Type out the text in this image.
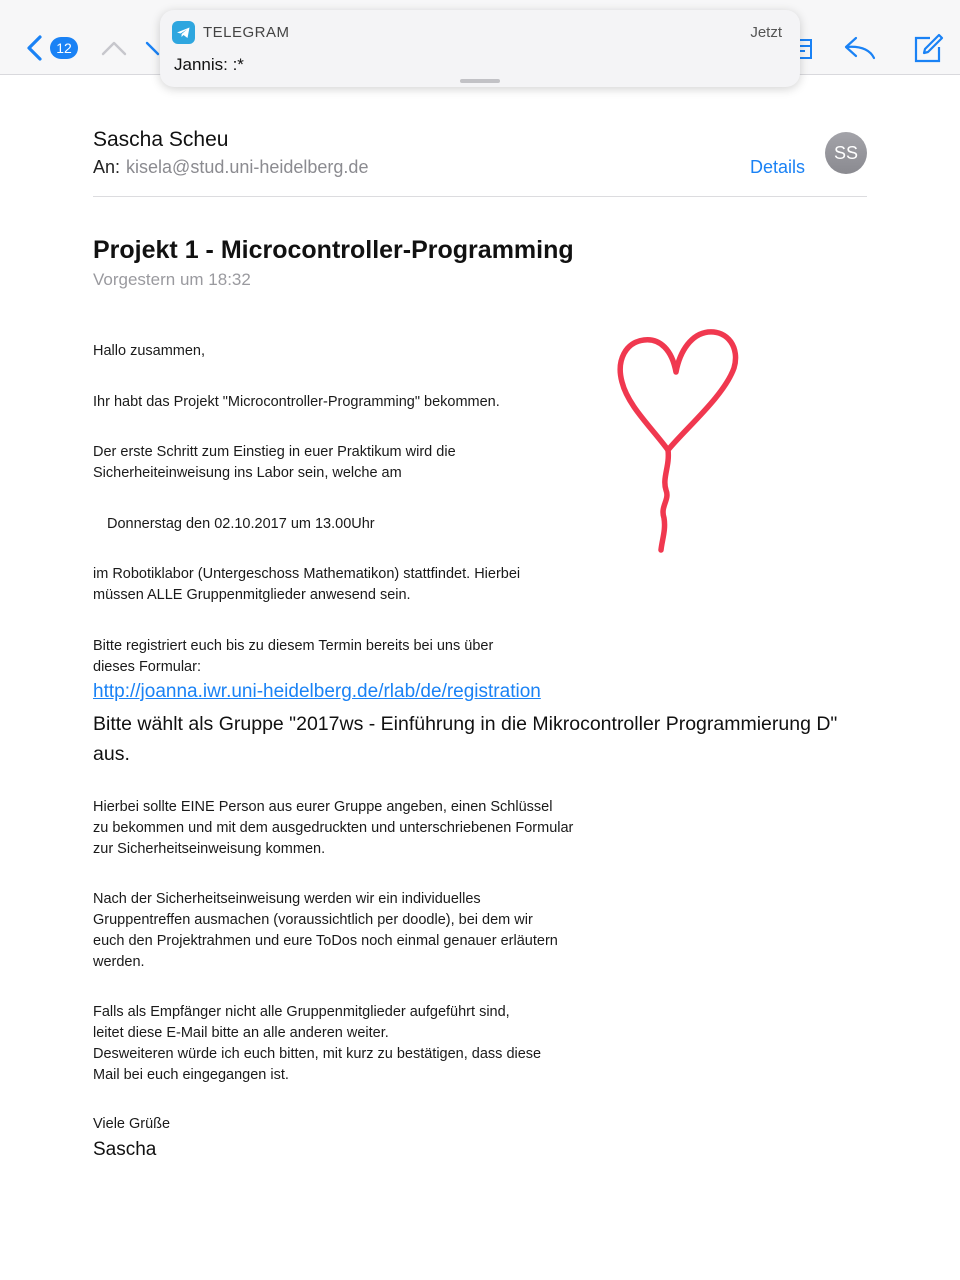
12
TELEGRAM	Jetzt
Jannis: :*
Sascha Scheu
An: kisela@stud.uni-heidelberg.de	Details
SS
Projekt 1 - Microcontroller-Programming
Vorgestern um 18:32
Hallo zusammen,
Ihr habt das Projekt "Microcontroller-Programming" bekommen.
Der erste Schritt zum Einstieg in euer Praktikum wird die
Sicherheiteinweisung ins Labor sein, welche am
Donnerstag den 02.10.2017 um 13.00Uhr
im Robotiklabor (Untergeschoss Mathematikon) stattfindet. Hierbei
müssen ALLE Gruppenmitglieder anwesend sein.
Bitte registriert euch bis zu diesem Termin bereits bei uns über
dieses Formular:
http://joanna.iwr.uni-heidelberg.de/rlab/de/registration
Bitte wählt als Gruppe "2017ws - Einführung in die Mikrocontroller Programmierung D" aus.
Hierbei sollte EINE Person aus eurer Gruppe angeben, einen Schlüssel
zu bekommen und mit dem ausgedruckten und unterschriebenen Formular
zur Sicherheitseinweisung kommen.
Nach der Sicherheitseinweisung werden wir ein individuelles
Gruppentreffen ausmachen (voraussichtlich per doodle), bei dem wir
euch den Projektrahmen und eure ToDos noch einmal genauer erläutern
werden.
Falls als Empfänger nicht alle Gruppenmitglieder aufgeführt sind,
leitet diese E-Mail bitte an alle anderen weiter.
Desweiteren würde ich euch bitten, mit kurz zu bestätigen, dass diese
Mail bei euch eingegangen ist.
Viele Grüße
Sascha
